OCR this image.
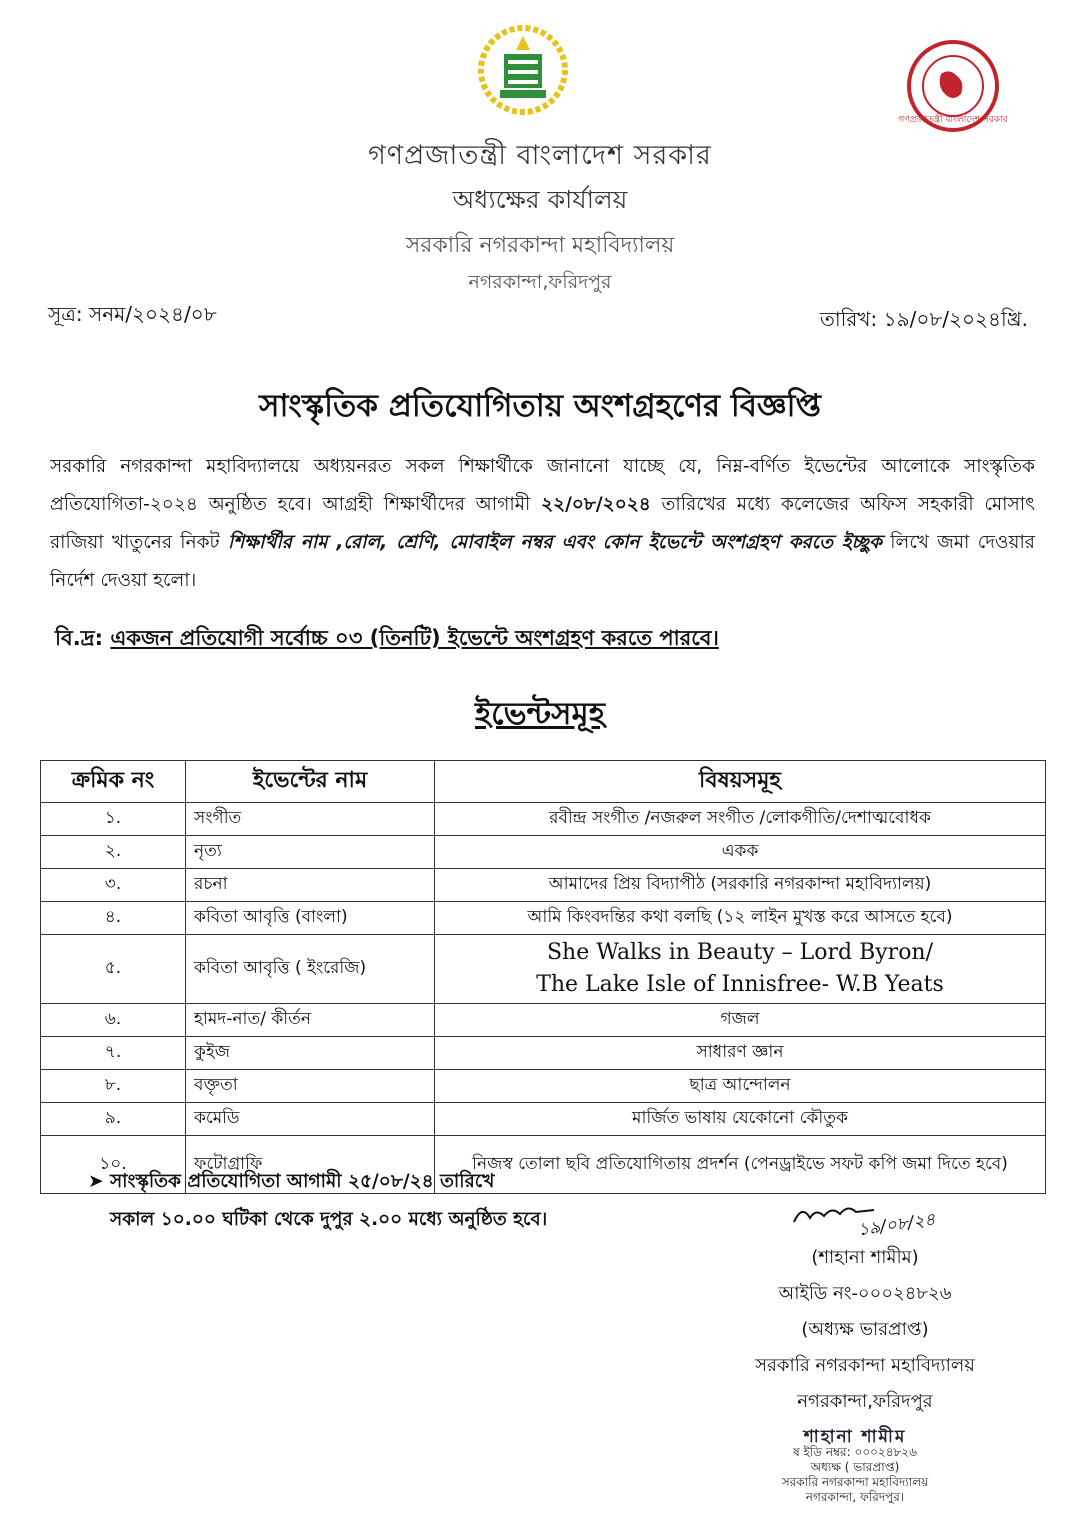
গণপ্রজাতন্ত্রী বাংলাদেশ সরকার
গণপ্রজাতন্ত্রী বাংলাদেশ সরকার
অধ্যক্ষের কার্যালয়
সরকারি নগরকান্দা মহাবিদ্যালয়
নগরকান্দা,ফরিদপুর
সূত্র: সনম/২০২৪/০৮	তারিখ: ১৯/০৮/২০২৪খ্রি.
সাংস্কৃতিক প্রতিযোগিতায় অংশগ্রহণের বিজ্ঞপ্তি
সরকারি নগরকান্দা মহাবিদ্যালয়ে অধ্যয়নরত সকল শিক্ষার্থীকে জানানো যাচ্ছে যে, নিম্ন-বর্ণিত ইভেন্টের আলোকে সাংস্কৃতিক প্রতিযোগিতা-২০২৪ অনুষ্ঠিত হবে। আগ্রহী শিক্ষার্থীদের আগামী ২২/০৮/২০২৪ তারিখের মধ্যে কলেজের অফিস সহকারী মোসাৎ রাজিয়া খাতুনের নিকট শিক্ষার্থীর নাম ,রোল, শ্রেণি, মোবাইল নম্বর এবং কোন ইভেন্টে অংশগ্রহণ করতে ইচ্ছুক লিখে জমা দেওয়ার নির্দেশ দেওয়া হলো।
বি.দ্র: একজন প্রতিযোগী সর্বোচ্চ ০৩ (তিনটি) ইভেন্টে অংশগ্রহণ করতে পারবে।
ইভেন্টসমূহ
ক্রমিক নং	ইভেন্টের নাম	বিষয়সমূহ
১.	সংগীত	রবীন্দ্র সংগীত /নজরুল সংগীত /লোকগীতি/দেশাত্মবোধক
২.	নৃত্য	একক
৩.	রচনা	আমাদের প্রিয় বিদ্যাপীঠ (সরকারি নগরকান্দা মহাবিদ্যালয়)
৪.	কবিতা আবৃত্তি (বাংলা)	আমি কিংবদন্তির কথা বলছি (১২ লাইন মুখস্ত করে আসতে হবে)
৫.	কবিতা আবৃত্তি ( ইংরেজি)	She Walks in Beauty – Lord Byron/
The Lake Isle of Innisfree- W.B Yeats

৬.	হামদ-নাত/ কীর্তন	গজল
৭.	কুইজ	সাধারণ জ্ঞান
৮.	বক্তৃতা	ছাত্র আন্দোলন
৯.	কমেডি	মার্জিত ভাষায় যেকোনো কৌতুক
১০.	ফটোগ্রাফি	নিজস্ব তোলা ছবি প্রতিযোগিতায় প্রদর্শন (পেনড্রাইভে সফট কপি জমা দিতে হবে)
➤ সাংস্কৃতিক প্রতিযোগিতা আগামী ২৫/০৮/২৪ তারিখে
সকাল ১০.০০ ঘটিকা থেকে দুপুর ২.০০ মধ্যে অনুষ্ঠিত হবে।	১৯/০৮/২৪
(শাহানা শামীম)
আইডি নং-০০০২৪৮২৬
(অধ্যক্ষ ভারপ্রাপ্ত)
সরকারি নগরকান্দা মহাবিদ্যালয়
নগরকান্দা,ফরিদপুর
শাহানা শামীম
ষ ইডি নম্বর: ০০০২৪৮২৬
অধ্যক্ষ ( ভারপ্রাপ্ত)
সরকারি নগরকান্দা মহাবিদ্যালয়
নগরকান্দা, ফরিদপুর।
